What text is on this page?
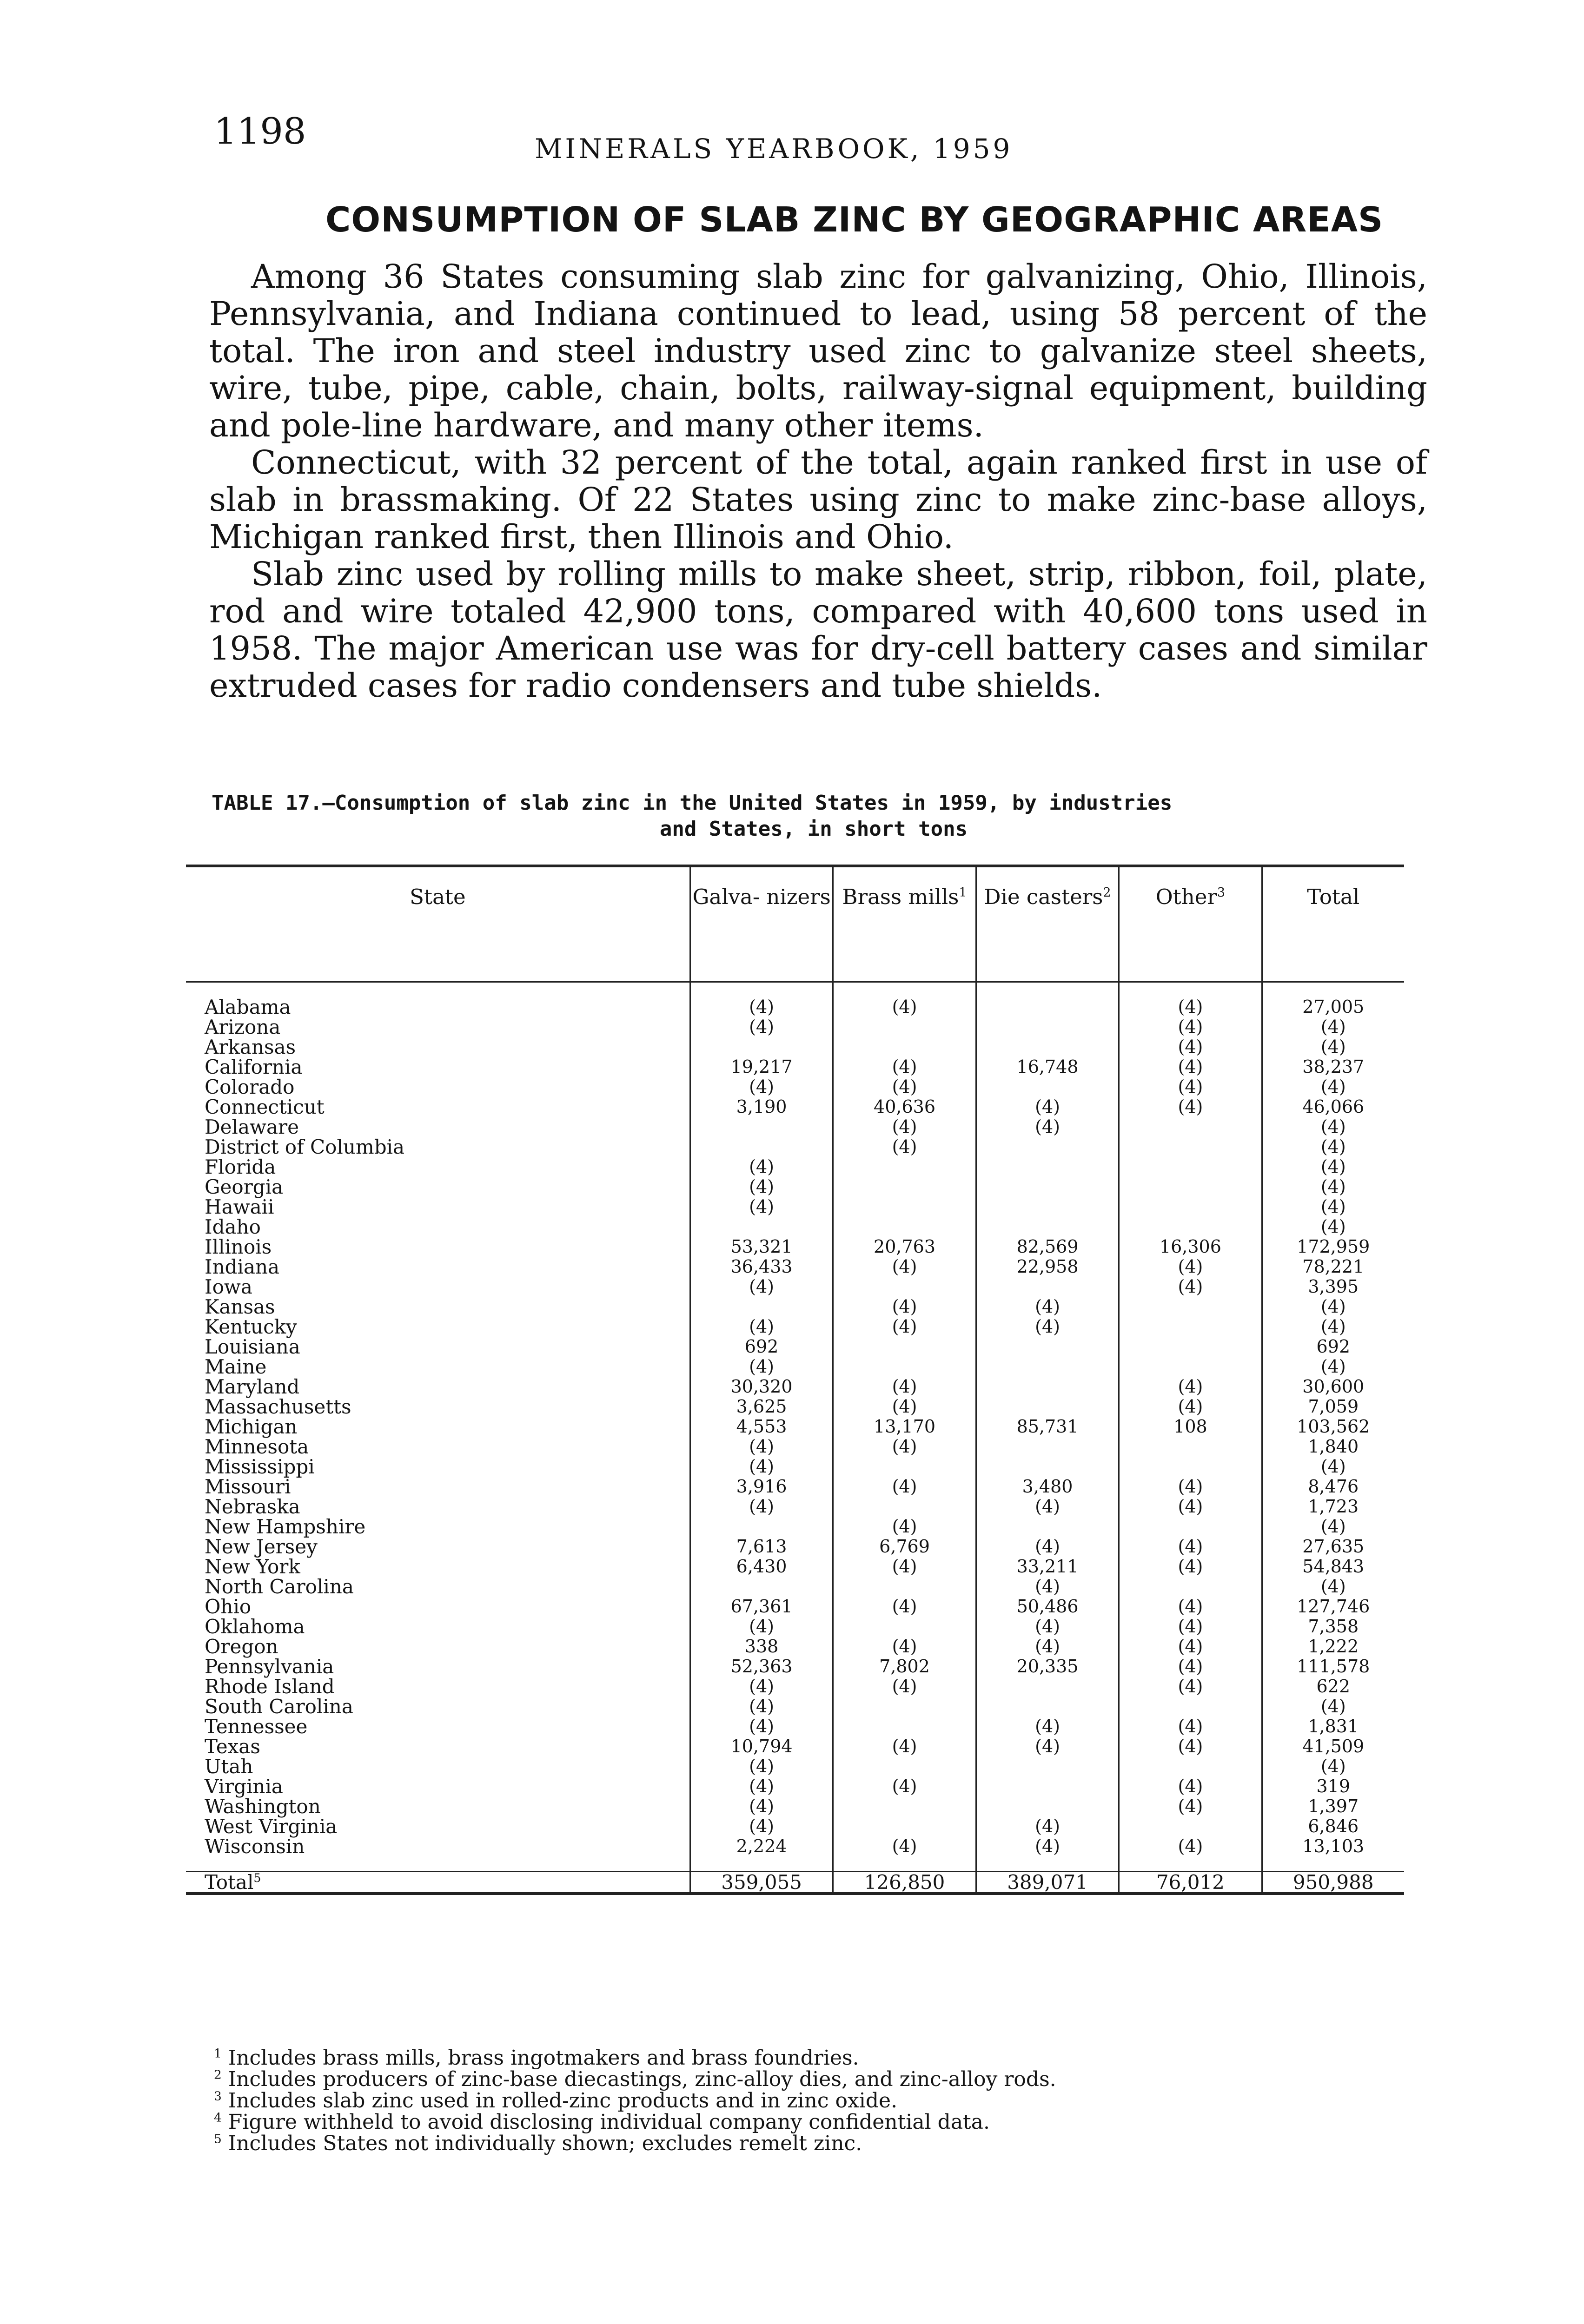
1198	MINERALS YEARBOOK, 1959
CONSUMPTION OF SLAB ZINC BY GEOGRAPHIC AREAS

Among 36 States consuming slab zinc for galvanizing, Ohio, Illinois, Pennsylvania, and Indiana continued to lead, using 58 percent of the total. The iron and steel industry used zinc to galvanize steel sheets, wire, tube, pipe, cable, chain, bolts, railway-signal equipment, building and pole-line hardware, and many other items.

Connecticut, with 32 percent of the total, again ranked first in use of slab in brassmaking. Of 22 States using zinc to make zinc-base alloys, Michigan ranked first, then Illinois and Ohio.

Slab zinc used by rolling mills to make sheet, strip, ribbon, foil, plate, rod and wire totaled 42,900 tons, compared with 40,600 tons used in 1958. The major American use was for dry-cell battery cases and similar extruded cases for radio condensers and tube shields.

TABLE 17.—Consumption of slab zinc in the United States in 1959, by industries
and States, in short tons
State	Galva- nizers	Brass mills$^1$	Die casters$^2$	Other$^3$	Total

Alabama	(4)	(4)		(4)	27,005
Arizona	(4)			(4)	(4)
Arkansas				(4)	(4)
California	19,217	(4)	16,748	(4)	38,237
Colorado	(4)	(4)		(4)	(4)
Connecticut	3,190	40,636	(4)	(4)	46,066
Delaware		(4)	(4)		(4)
District of Columbia		(4)			(4)
Florida	(4)				(4)
Georgia	(4)				(4)
Hawaii	(4)				(4)
Idaho					(4)
Illinois	53,321	20,763	82,569	16,306	172,959
Indiana	36,433	(4)	22,958	(4)	78,221
Iowa	(4)			(4)	3,395
Kansas		(4)	(4)		(4)
Kentucky	(4)	(4)	(4)		(4)
Louisiana	692				692
Maine	(4)				(4)
Maryland	30,320	(4)		(4)	30,600
Massachusetts	3,625	(4)		(4)	7,059
Michigan	4,553	13,170	85,731	108	103,562
Minnesota	(4)	(4)			1,840
Mississippi	(4)				(4)
Missouri	3,916	(4)	3,480	(4)	8,476
Nebraska	(4)		(4)	(4)	1,723
New Hampshire		(4)			(4)
New Jersey	7,613	6,769	(4)	(4)	27,635
New York	6,430	(4)	33,211	(4)	54,843
North Carolina			(4)		(4)
Ohio	67,361	(4)	50,486	(4)	127,746
Oklahoma	(4)		(4)	(4)	7,358
Oregon	338	(4)	(4)	(4)	1,222
Pennsylvania	52,363	7,802	20,335	(4)	111,578
Rhode Island	(4)	(4)		(4)	622
South Carolina	(4)				(4)
Tennessee	(4)		(4)	(4)	1,831
Texas	10,794	(4)	(4)	(4)	41,509
Utah	(4)				(4)
Virginia	(4)	(4)		(4)	319
Washington	(4)			(4)	1,397
West Virginia	(4)		(4)		6,846
Wisconsin	2,224	(4)	(4)	(4)	13,103

Total$^5$	359,055	126,850	389,071	76,012	950,988
$^1$ Includes brass mills, brass ingotmakers and brass foundries.
$^2$ Includes producers of zinc-base diecastings, zinc-alloy dies, and zinc-alloy rods.
$^3$ Includes slab zinc used in rolled-zinc products and in zinc oxide.
$^4$ Figure withheld to avoid disclosing individual company confidential data.
$^5$ Includes States not individually shown; excludes remelt zinc.
